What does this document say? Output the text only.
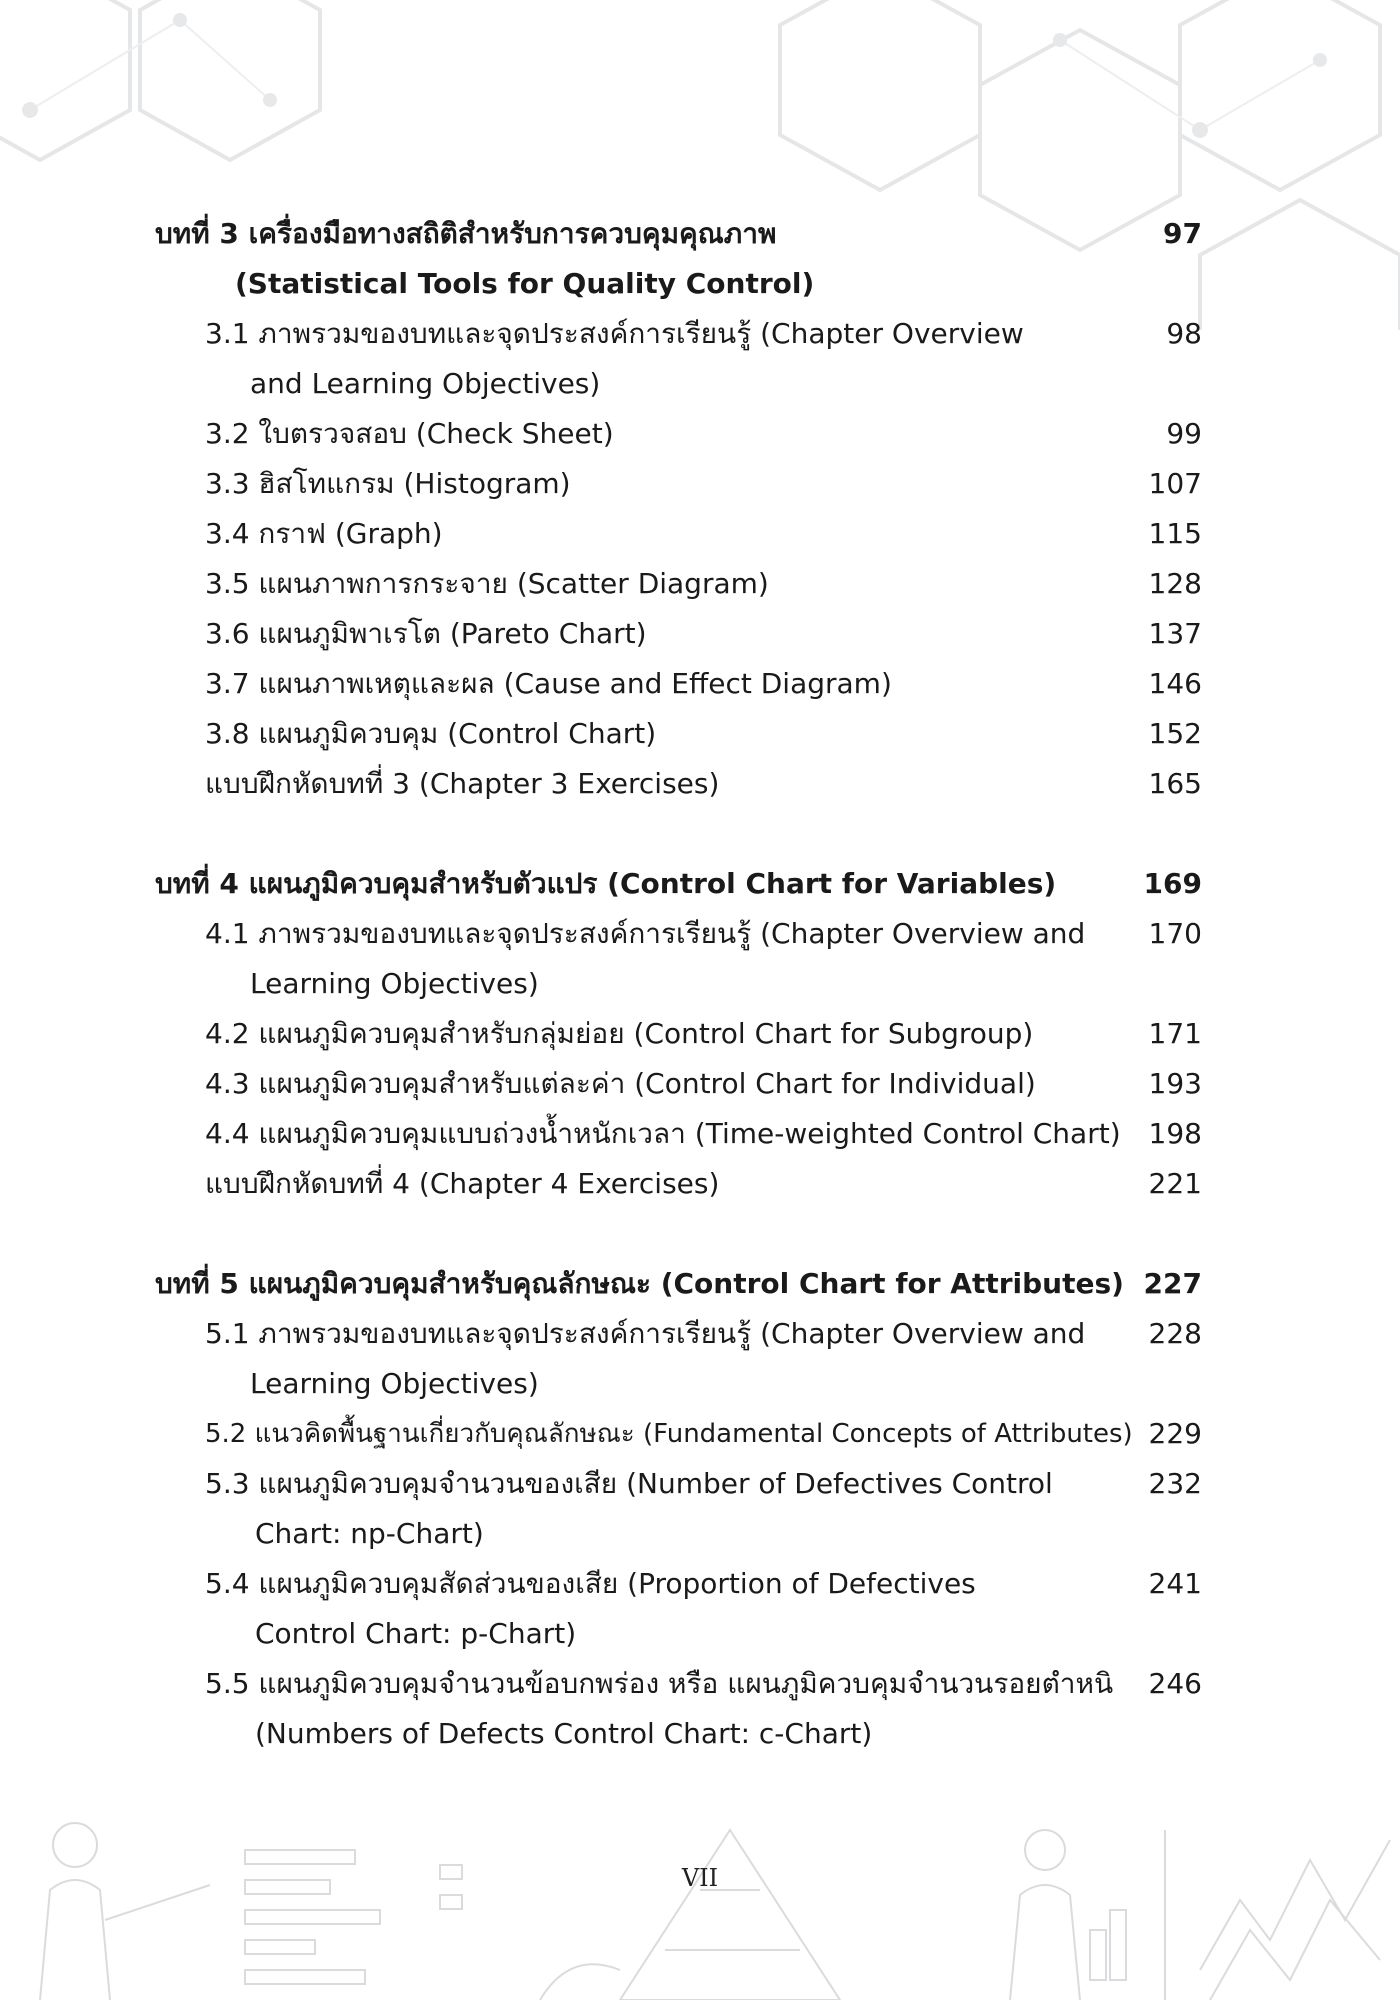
บทที่ 3 เครื่องมือทางสถิติสำหรับการควบคุมคุณภาพ	97
(Statistical Tools for Quality Control)
3.1 ภาพรวมของบทและจุดประสงค์การเรียนรู้ (Chapter Overview	98
and Learning Objectives)
3.2 ใบตรวจสอบ (Check Sheet)	99
3.3 ฮิสโทแกรม (Histogram)	107
3.4 กราฟ (Graph)	115
3.5 แผนภาพการกระจาย (Scatter Diagram)	128
3.6 แผนภูมิพาเรโต (Pareto Chart)	137
3.7 แผนภาพเหตุและผล (Cause and Effect Diagram)	146
3.8 แผนภูมิควบคุม (Control Chart)	152
แบบฝึกหัดบทที่ 3 (Chapter 3 Exercises)	165
บทที่ 4 แผนภูมิควบคุมสำหรับตัวแปร (Control Chart for Variables)	169
4.1 ภาพรวมของบทและจุดประสงค์การเรียนรู้ (Chapter Overview and 170
Learning Objectives)
4.2 แผนภูมิควบคุมสำหรับกลุ่มย่อย (Control Chart for Subgroup)	171
4.3 แผนภูมิควบคุมสำหรับแต่ละค่า (Control Chart for Individual)	193
4.4 แผนภูมิควบคุมแบบถ่วงน้ำหนักเวลา (Time-weighted Control Chart) 198
แบบฝึกหัดบทที่ 4 (Chapter 4 Exercises)	221
บทที่ 5 แผนภูมิควบคุมสำหรับคุณลักษณะ (Control Chart for Attributes) 227
5.1 ภาพรวมของบทและจุดประสงค์การเรียนรู้ (Chapter Overview and 228
Learning Objectives)
5.2 แนวคิดพื้นฐานเกี่ยวกับคุณลักษณะ (Fundamental Concepts of Attributes) 229
5.3 แผนภูมิควบคุมจำนวนของเสีย (Number of Defectives Control	232
Chart: np-Chart)
5.4 แผนภูมิควบคุมสัดส่วนของเสีย (Proportion of Defectives	241
Control Chart: p-Chart)
5.5 แผนภูมิควบคุมจำนวนข้อบกพร่อง หรือ แผนภูมิควบคุมจำนวนรอยตำหนิ 246
(Numbers of Defects Control Chart: c-Chart)
VII
